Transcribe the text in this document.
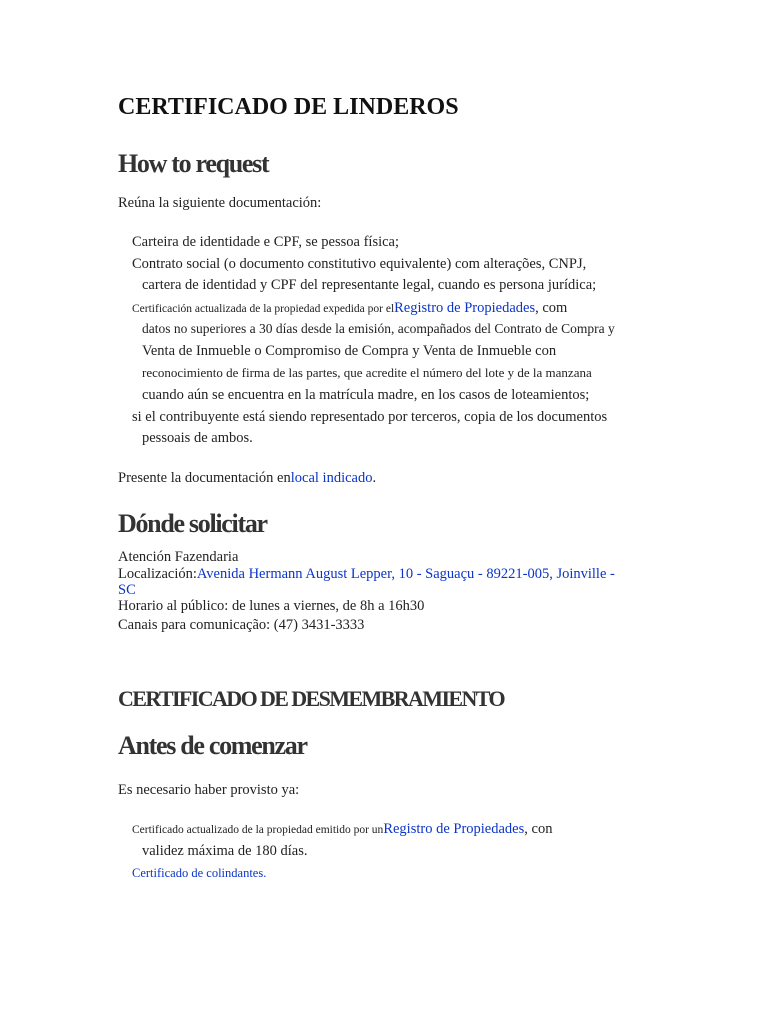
CERTIFICADO DE LINDEROS
How to request
Reúna la siguiente documentación:
Carteira de identidade e CPF, se pessoa física;
Contrato social (o documento constitutivo equivalente) com alterações, CNPJ,
cartera de identidad y CPF del representante legal, cuando es persona jurídica;
Certificación actualizada de la propiedad expedida por elRegistro de Propiedades, com
datos no superiores a 30 días desde la emisión, acompañados del Contrato de Compra y
Venta de Inmueble o Compromiso de Compra y Venta de Inmueble con
reconocimiento de firma de las partes, que acredite el número del lote y de la manzana
cuando aún se encuentra en la matrícula madre, en los casos de loteamientos;
si el contribuyente está siendo representado por terceros, copia de los documentos
pessoais de ambos.
Presente la documentación enlocal indicado.
Dónde solicitar
Atención Fazendaria
Localización:Avenida Hermann August Lepper, 10 - Saguaçu - 89221-005, Joinville -
SC
Horario al público: de lunes a viernes, de 8h a 16h30
Canais para comunicação: (47) 3431-3333
CERTIFICADO DE DESMEMBRAMIENTO
Antes de comenzar
Es necesario haber provisto ya:
Certificado actualizado de la propiedad emitido por unRegistro de Propiedades, con
validez máxima de 180 días.
Certificado de colindantes.
